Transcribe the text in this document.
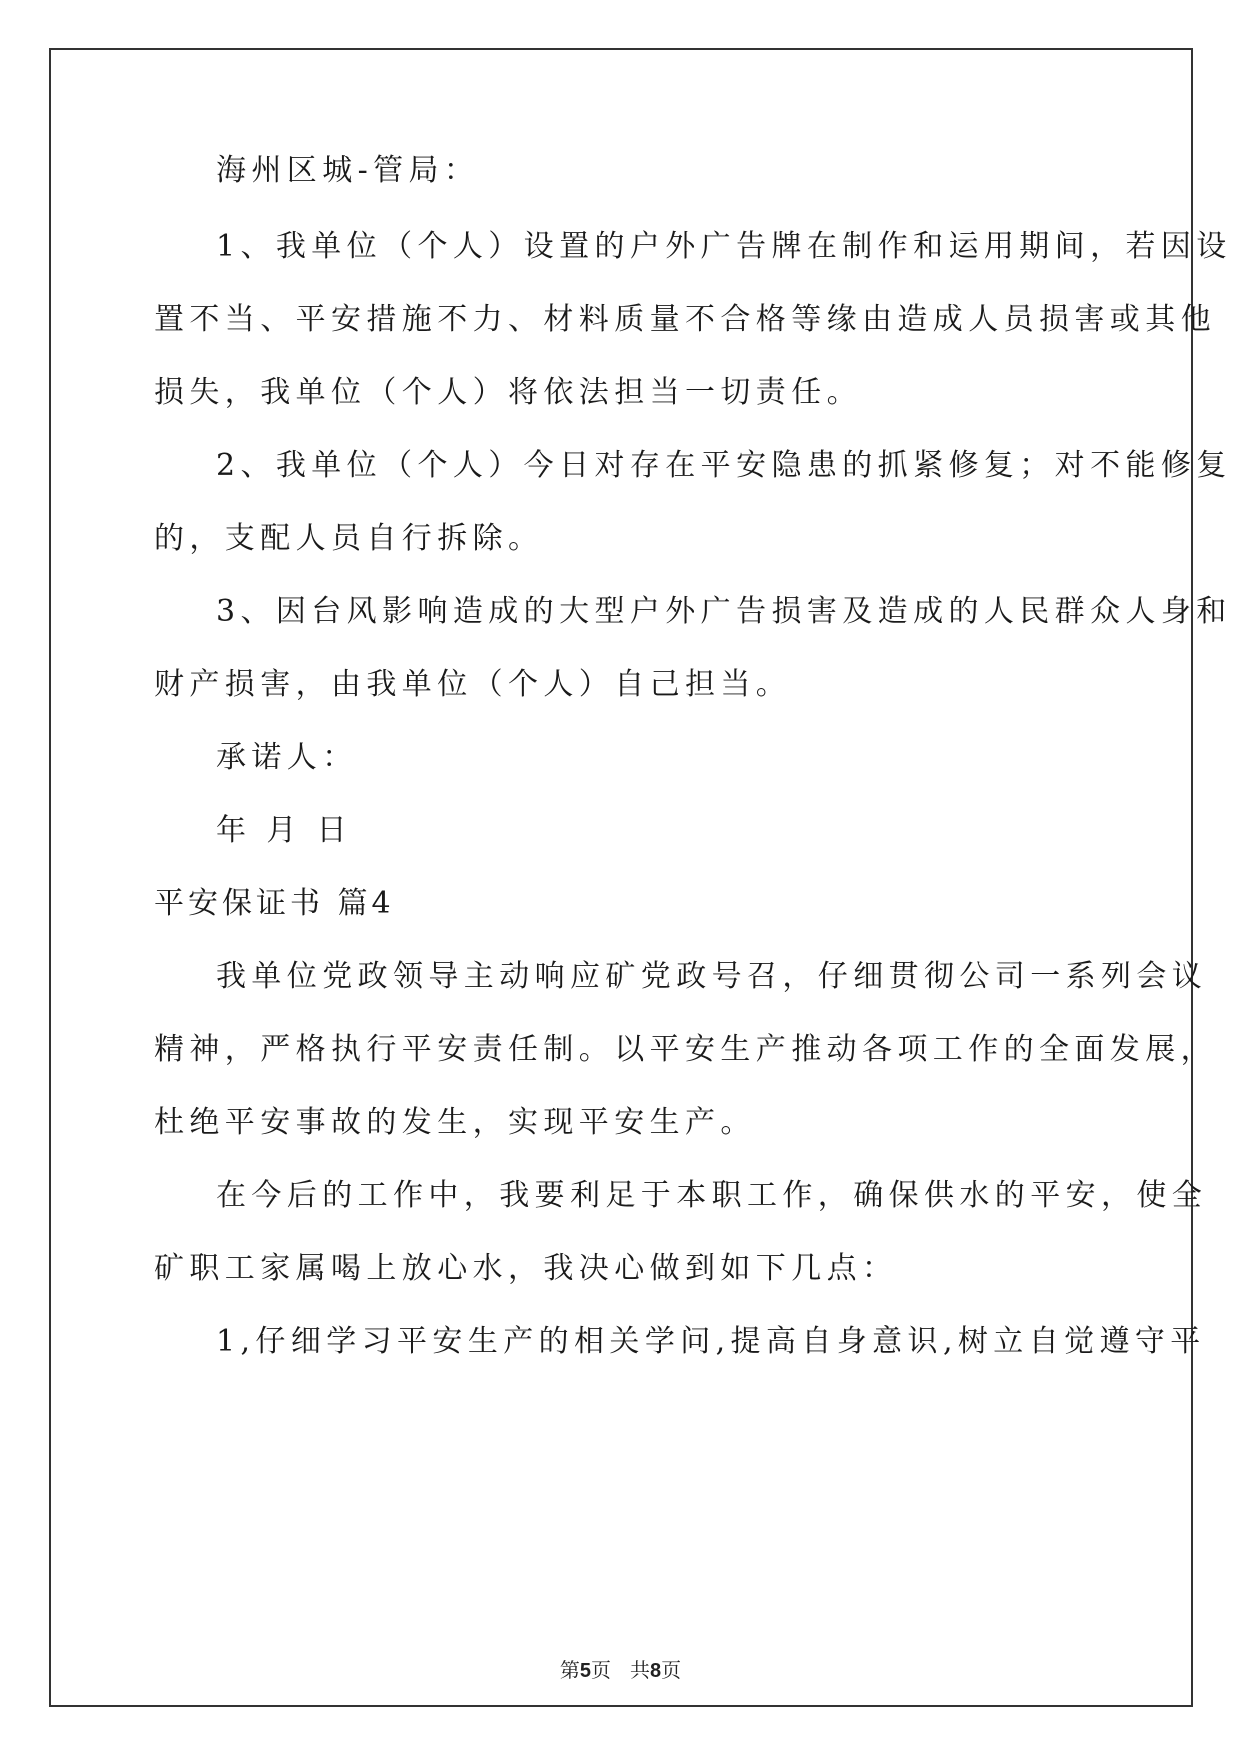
海州区城-管局：
1、我单位（个人）设置的户外广告牌在制作和运用期间，若因设
置不当、平安措施不力、材料质量不合格等缘由造成人员损害或其他
损失，我单位（个人）将依法担当一切责任。
2、我单位（个人）今日对存在平安隐患的抓紧修复；对不能修复
的，支配人员自行拆除。
3、因台风影响造成的大型户外广告损害及造成的人民群众人身和
财产损害，由我单位（个人）自己担当。
承诺人：
年 月 日
平安保证书 篇4
我单位党政领导主动响应矿党政号召，仔细贯彻公司一系列会议
精神，严格执行平安责任制。以平安生产推动各项工作的全面发展，
杜绝平安事故的发生，实现平安生产。
在今后的工作中，我要利足于本职工作，确保供水的平安，使全
矿职工家属喝上放心水，我决心做到如下几点：
1,仔细学习平安生产的相关学问,提高自身意识,树立自觉遵守平
第5页 共8页
